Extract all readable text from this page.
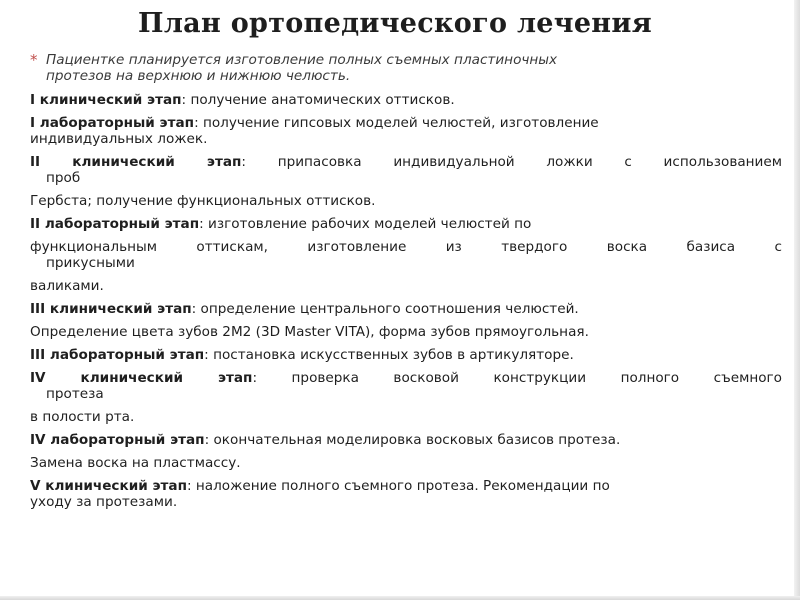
План ортопедического лечения
* Пациентке планируется изготовление полных съемных пластиночных
протезов на верхнюю и нижнюю челюсть.
I клинический этап: получение анатомических оттисков.
I лабораторный этап: получение гипсовых моделей челюстей, изготовление
индивидуальных ложек.
II клинический этап: припасовка индивидуальной ложки с использованием
проб
Гербста; получение функциональных оттисков.
II лабораторный этап: изготовление рабочих моделей челюстей по
функциональным оттискам, изготовление из твердого воска базиса с
прикусными
валиками.
III клинический этап: определение центрального соотношения челюстей.
Определение цвета зубов 2М2 (3D Master VITA), форма зубов прямоугольная.
III лабораторный этап: постановка искусственных зубов в артикуляторе.
IV клинический этап: проверка восковой конструкции полного съемного
протеза
в полости рта.
IV лабораторный этап: окончательная моделировка восковых базисов протеза.
Замена воска на пластмассу.
V клинический этап: наложение полного съемного протеза. Рекомендации по
уходу за протезами.
